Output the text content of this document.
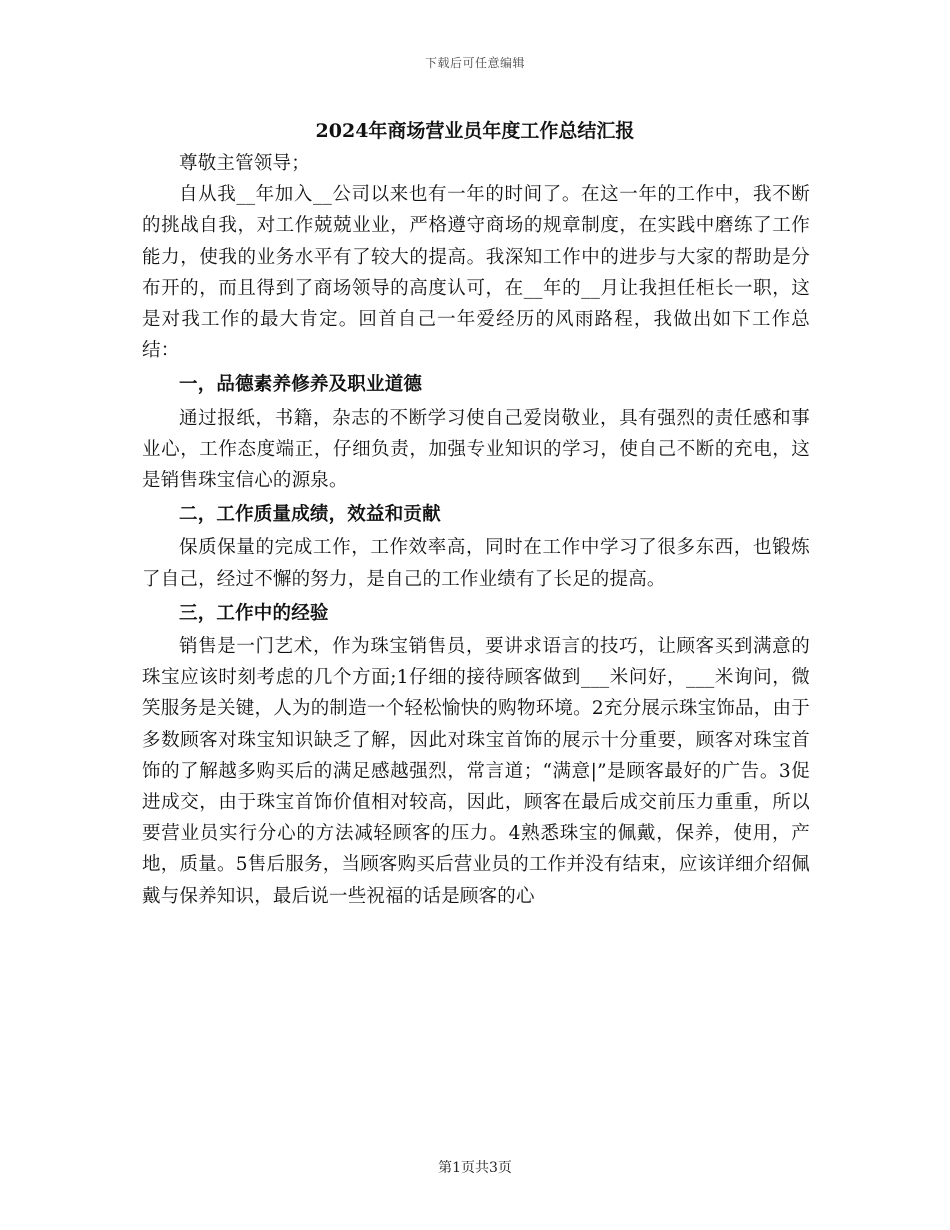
下载后可任意编辑
2024年商场营业员年度工作总结汇报

尊敬主管领导；

自从我__年加入__公司以来也有一年的时间了。在这一年的工作中，我不断的挑战自我，对工作兢兢业业，严格遵守商场的规章制度，在实践中磨练了工作能力，使我的业务水平有了较大的提高。我深知工作中的进步与大家的帮助是分布开的，而且得到了商场领导的高度认可，在__年的__月让我担任柜长一职，这是对我工作的最大肯定。回首自己一年爱经历的风雨路程，我做出如下工作总结：

一，品德素养修养及职业道德

通过报纸，书籍，杂志的不断学习使自己爱岗敬业，具有强烈的责任感和事业心，工作态度端正，仔细负责，加强专业知识的学习，使自己不断的充电，这是销售珠宝信心的源泉。

二，工作质量成绩，效益和贡献

保质保量的完成工作，工作效率高，同时在工作中学习了很多东西，也锻炼了自己，经过不懈的努力，是自己的工作业绩有了长足的提高。

三，工作中的经验

销售是一门艺术，作为珠宝销售员，要讲求语言的技巧，让顾客买到满意的珠宝应该时刻考虑的几个方面;1仔细的接待顾客做到___米问好，___米询问，微笑服务是关键，人为的制造一个轻松愉快的购物环境。2充分展示珠宝饰品，由于多数顾客对珠宝知识缺乏了解，因此对珠宝首饰的展示十分重要，顾客对珠宝首饰的了解越多购买后的满足感越强烈，常言道；“满意|”是顾客最好的广告。3促进成交，由于珠宝首饰价值相对较高，因此，顾客在最后成交前压力重重，所以要营业员实行分心的方法减轻顾客的压力。4熟悉珠宝的佩戴，保养，使用，产地，质量。5售后服务，当顾客购买后营业员的工作并没有结束，应该详细介绍佩戴与保养知识，最后说一些祝福的话是顾客的心

第1页共3页
